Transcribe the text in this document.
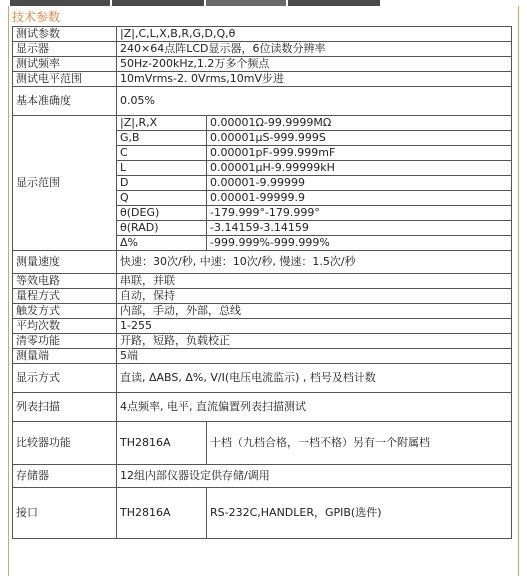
技术参数
测试参数	|Z|,C,L,X,B,R,G,D,Q,θ	
显示器	240×64点阵LCD显示器，6位读数分辨率	
测试频率	50Hz-200kHz,1.2万多个频点	
测试电平范围	10mVrms-2. 0Vrms,10mV步进	
基本准确度	0.05%	
显示范围	|Z|,R,X	0.00001Ω-99.9999MΩ
	G,B	0.00001μS-999.999S
	C	0.00001pF-999.999mF
	L	0.00001μH-9.99999kH
	D	0.00001-9.99999
	Q	0.00001-99999.9
	θ(DEG)	-179.999°-179.999°
	θ(RAD)	-3.14159-3.14159
	Δ%	-999.999%-999.999%
测量速度	快速：30次/秒, 中速：10次/秒, 慢速：1.5次/秒	
等效电路	串联，并联	
量程方式	自动，保持	
触发方式	内部，手动，外部，总线	
平均次数	1-255	
清零功能	开路，短路，负载校正	
测量端	5端	
显示方式	直读, ΔABS, Δ%, V/I(电压电流监示) , 档号及档计数	
列表扫描	4点频率, 电平, 直流偏置列表扫描测试	
比较器功能	TH2816A	十档（九档合格，一档不格）另有一个附属档
存储器	12组内部仪器设定供存储/调用	
接口	TH2816A	RS-232C,HANDLER，GPIB(选件)
